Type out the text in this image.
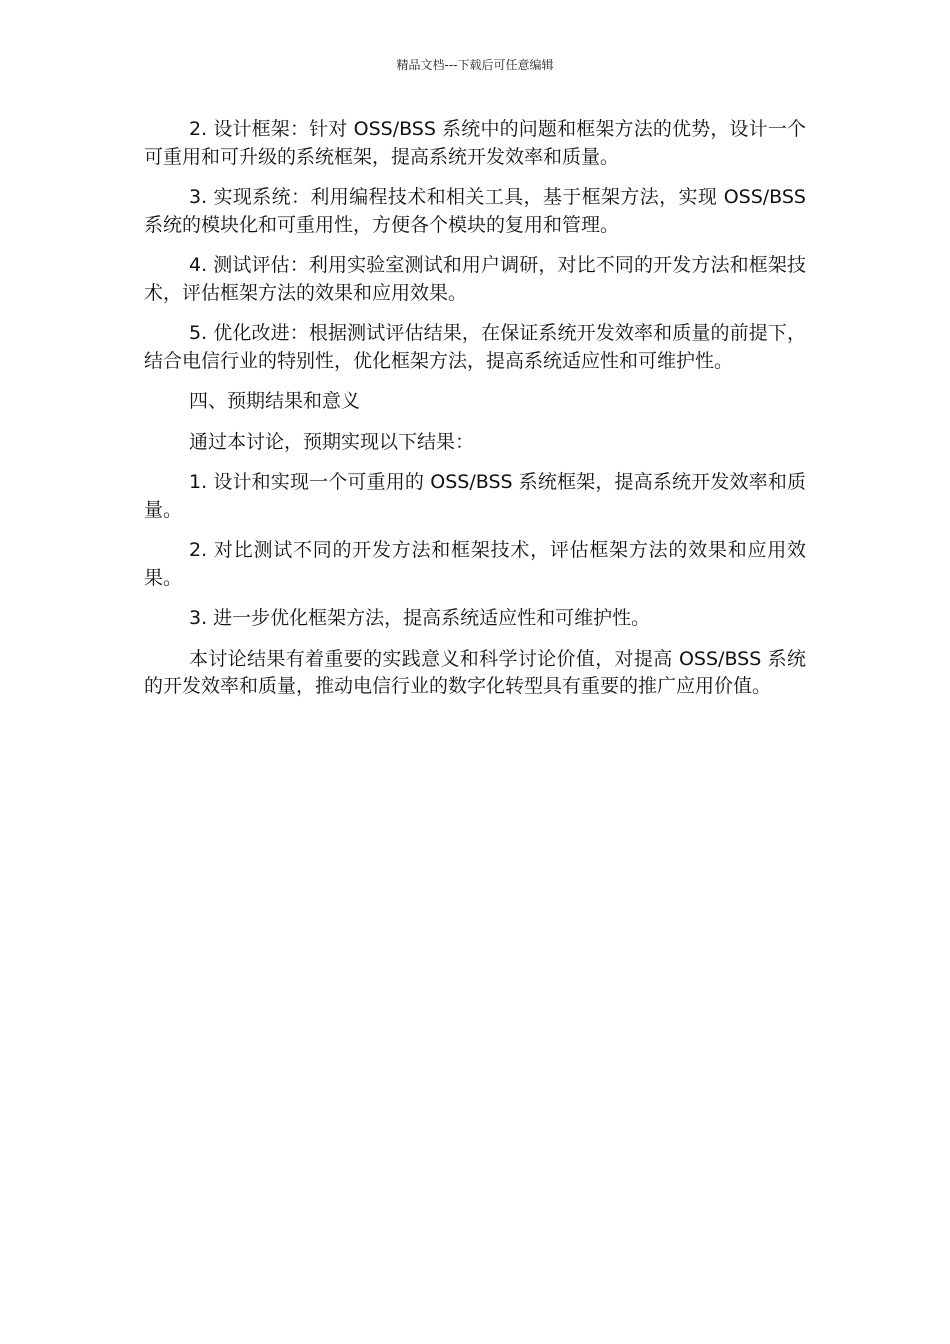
精品文档---下载后可任意编辑

2. 设计框架：针对 OSS/BSS 系统中的问题和框架方法的优势，设计一个可重用和可升级的系统框架，提高系统开发效率和质量。

3. 实现系统：利用编程技术和相关工具，基于框架方法，实现 OSS/BSS 系统的模块化和可重用性，方便各个模块的复用和管理。

4. 测试评估：利用实验室测试和用户调研，对比不同的开发方法和框架技术，评估框架方法的效果和应用效果。

5. 优化改进：根据测试评估结果，在保证系统开发效率和质量的前提下，结合电信行业的特别性，优化框架方法，提高系统适应性和可维护性。

四、预期结果和意义

通过本讨论，预期实现以下结果：

1. 设计和实现一个可重用的 OSS/BSS 系统框架，提高系统开发效率和质量。

2. 对比测试不同的开发方法和框架技术，评估框架方法的效果和应用效果。

3. 进一步优化框架方法，提高系统适应性和可维护性。

本讨论结果有着重要的实践意义和科学讨论价值，对提高 OSS/BSS 系统的开发效率和质量，推动电信行业的数字化转型具有重要的推广应用价值。
